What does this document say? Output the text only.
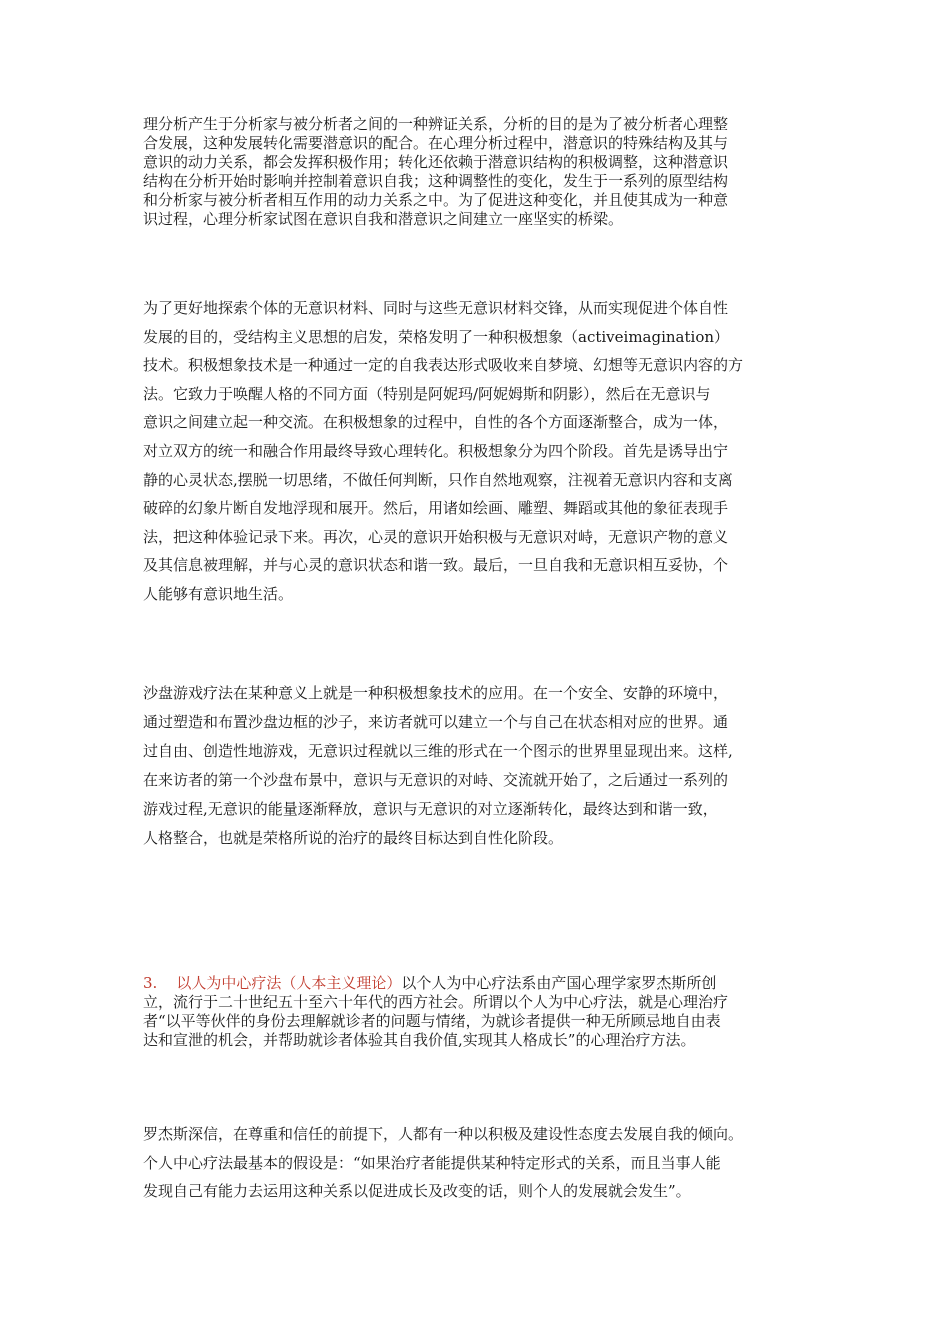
理分析产生于分析家与被分析者之间的一种辨证关系，分析的目的是为了被分析者心理整
合发展，这种发展转化需要潜意识的配合。在心理分析过程中，潜意识的特殊结构及其与
意识的动力关系，都会发挥积极作用；转化还依赖于潜意识结构的积极调整，这种潜意识
结构在分析开始时影响并控制着意识自我；这种调整性的变化，发生于一系列的原型结构
和分析家与被分析者相互作用的动力关系之中。为了促进这种变化，并且使其成为一种意
识过程，心理分析家试图在意识自我和潜意识之间建立一座坚实的桥梁。
为了更好地探索个体的无意识材料、同时与这些无意识材料交锋，从而实现促进个体自性
发展的目的，受结构主义思想的启发，荣格发明了一种积极想象（activeimagination）
技术。积极想象技术是一种通过一定的自我表达形式吸收来自梦境、幻想等无意识内容的方
法。它致力于唤醒人格的不同方面（特别是阿妮玛/阿妮姆斯和阴影），然后在无意识与
意识之间建立起一种交流。在积极想象的过程中，自性的各个方面逐渐整合，成为一体，
对立双方的统一和融合作用最终导致心理转化。积极想象分为四个阶段。首先是诱导出宁
静的心灵状态,摆脱一切思绪，不做任何判断，只作自然地观察，注视着无意识内容和支离
破碎的幻象片断自发地浮现和展开。然后，用诸如绘画、雕塑、舞蹈或其他的象征表现手
法，把这种体验记录下来。再次，心灵的意识开始积极与无意识对峙，无意识产物的意义
及其信息被理解，并与心灵的意识状态和谐一致。最后，一旦自我和无意识相互妥协，个
人能够有意识地生活。
沙盘游戏疗法在某种意义上就是一种积极想象技术的应用。在一个安全、安静的环境中，
通过塑造和布置沙盘边框的沙子，来访者就可以建立一个与自己在状态相对应的世界。通
过自由、创造性地游戏，无意识过程就以三维的形式在一个图示的世界里显现出来。这样,
在来访者的第一个沙盘布景中，意识与无意识的对峙、交流就开始了，之后通过一系列的
游戏过程,无意识的能量逐渐释放，意识与无意识的对立逐渐转化，最终达到和谐一致，
人格整合，也就是荣格所说的治疗的最终目标达到自性化阶段。
3. 以人为中心疗法（人本主义理论）以个人为中心疗法系由产国心理学家罗杰斯所创
立，流行于二十世纪五十至六十年代的西方社会。所谓以个人为中心疗法，就是心理治疗
者“以平等伙伴的身份去理解就诊者的问题与情绪，为就诊者提供一种无所顾忌地自由表
达和宣泄的机会，并帮助就诊者体验其自我价值,实现其人格成长”的心理治疗方法。
罗杰斯深信，在尊重和信任的前提下，人都有一种以积极及建设性态度去发展自我的倾向。
个人中心疗法最基本的假设是：“如果治疗者能提供某种特定形式的关系，而且当事人能
发现自己有能力去运用这种关系以促进成长及改变的话，则个人的发展就会发生”。
